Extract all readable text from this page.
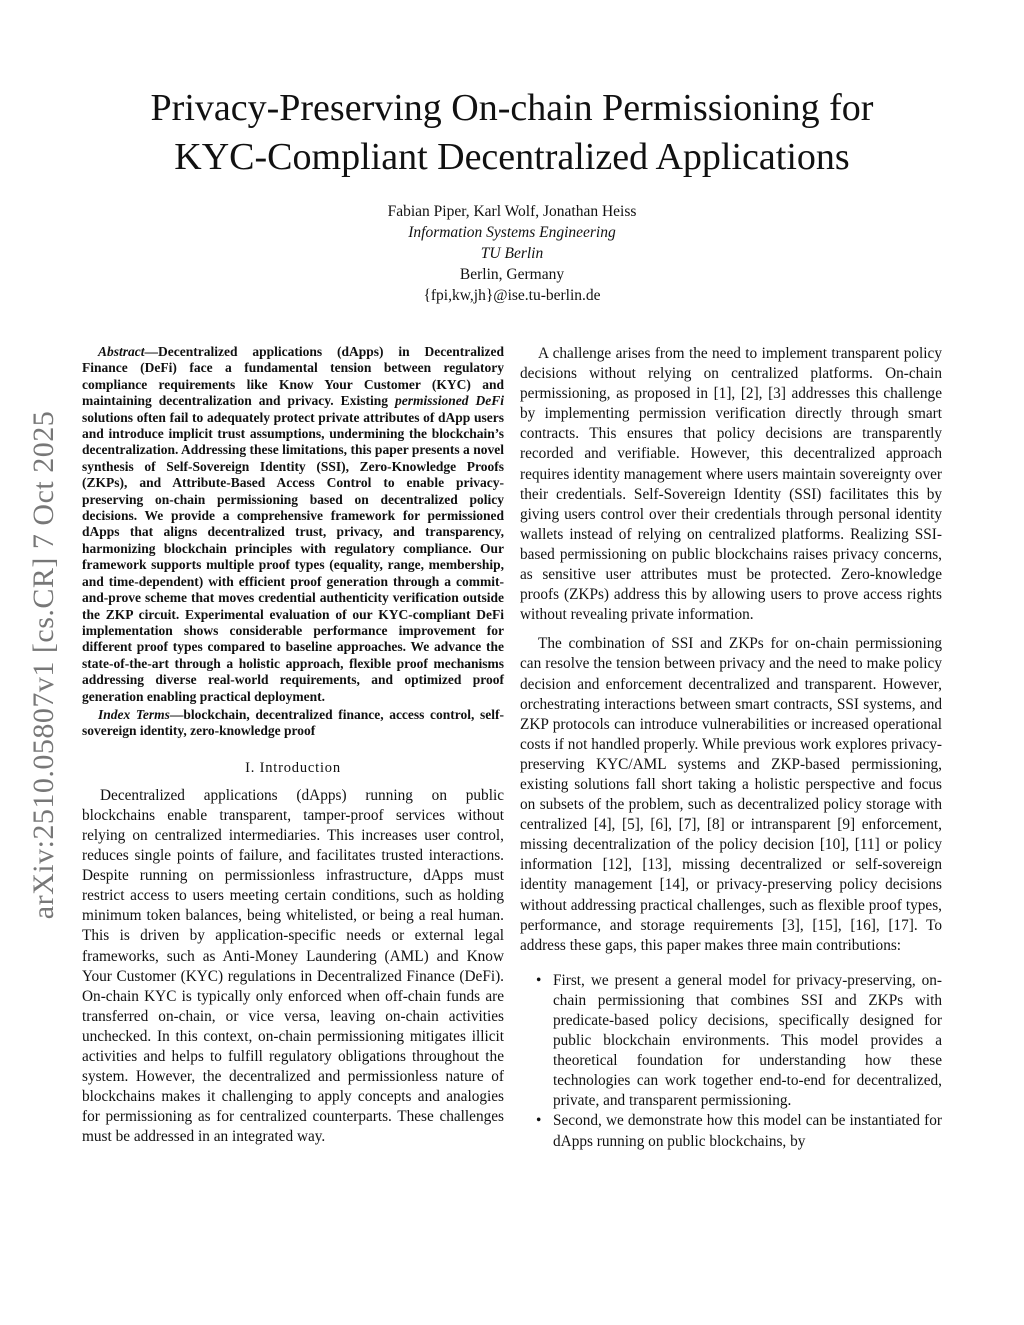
arXiv:2510.05807v1 [cs.CR] 7 Oct 2025
Privacy-Preserving On-chain Permissioning for
KYC-Compliant Decentralized Applications
Fabian Piper, Karl Wolf, Jonathan Heiss
Information Systems Engineering
TU Berlin
Berlin, Germany
{fpi,kw,jh}@ise.tu-berlin.de

Abstract—Decentralized applications (dApps) in Decentralized Finance (DeFi) face a fundamental tension between regulatory compliance requirements like Know Your Customer (KYC) and maintaining decentralization and privacy. Existing permissioned DeFi solutions often fail to adequately protect private attributes of dApp users and introduce implicit trust assumptions, undermining the blockchain’s decentralization. Addressing these limitations, this paper presents a novel synthesis of Self-Sovereign Identity (SSI), Zero-Knowledge Proofs (ZKPs), and Attribute-Based Access Control to enable privacy-preserving on-chain permissioning based on decentralized policy decisions. We provide a comprehensive framework for permissioned dApps that aligns decentralized trust, privacy, and transparency, harmonizing blockchain principles with regulatory compliance. Our framework supports multiple proof types (equality, range, membership, and time-dependent) with efficient proof generation through a commit-and-prove scheme that moves credential authenticity verification outside the ZKP circuit. Experimental evaluation of our KYC-compliant DeFi implementation shows considerable performance improvement for different proof types compared to baseline approaches. We advance the state-of-the-art through a holistic approach, flexible proof mechanisms addressing diverse real-world requirements, and optimized proof generation enabling practical deployment.

Index Terms—blockchain, decentralized finance, access control, self-sovereign identity, zero-knowledge proof

I. Introduction

Decentralized applications (dApps) running on public blockchains enable transparent, tamper-proof services without relying on centralized intermediaries. This increases user control, reduces single points of failure, and facilitates trusted interactions. Despite running on permissionless infrastructure, dApps must restrict access to users meeting certain conditions, such as holding minimum token balances, being whitelisted, or being a real human. This is driven by application-specific needs or external legal frameworks, such as Anti-Money Laundering (AML) and Know Your Customer (KYC) regulations in Decentralized Finance (DeFi). On-chain KYC is typically only enforced when off-chain funds are transferred on-chain, or vice versa, leaving on-chain activities unchecked. In this context, on-chain permissioning mitigates illicit activities and helps to fulfill regulatory obligations throughout the system. However, the decentralized and permissionless nature of blockchains makes it challenging to apply concepts and analogies for permissioning as for centralized counterparts. These challenges must be addressed in an integrated way.

A challenge arises from the need to implement transparent policy decisions without relying on centralized platforms. On-chain permissioning, as proposed in [1], [2], [3] addresses this challenge by implementing permission verification directly through smart contracts. This ensures that policy decisions are transparently recorded and verifiable. However, this decentralized approach requires identity management where users maintain sovereignty over their credentials. Self-Sovereign Identity (SSI) facilitates this by giving users control over their credentials through personal identity wallets instead of relying on centralized platforms. Realizing SSI-based permissioning on public blockchains raises privacy concerns, as sensitive user attributes must be protected. Zero-knowledge proofs (ZKPs) address this by allowing users to prove access rights without revealing private information.

The combination of SSI and ZKPs for on-chain permissioning can resolve the tension between privacy and the need to make policy decision and enforcement decentralized and transparent. However, orchestrating interactions between smart contracts, SSI systems, and ZKP protocols can introduce vulnerabilities or increased operational costs if not handled properly. While previous work explores privacy-preserving KYC/AML systems and ZKP-based permissioning, existing solutions fall short taking a holistic perspective and focus on subsets of the problem, such as decentralized policy storage with centralized [4], [5], [6], [7], [8] or intransparent [9] enforcement, missing decentralization of the policy decision [10], [11] or policy information [12], [13], missing decentralized or self-sovereign identity management [14], or privacy-preserving policy decisions without addressing practical challenges, such as flexible proof types, performance, and storage requirements [3], [15], [16], [17]. To address these gaps, this paper makes three main contributions:

• First, we present a general model for privacy-preserving, on-chain permissioning that combines SSI and ZKPs with predicate-based policy decisions, specifically designed for public blockchain environments. This model provides a theoretical foundation for understanding how these technologies can work together end-to-end for decentralized, private, and transparent permissioning.
• Second, we demonstrate how this model can be instantiated for dApps running on public blockchains, by
